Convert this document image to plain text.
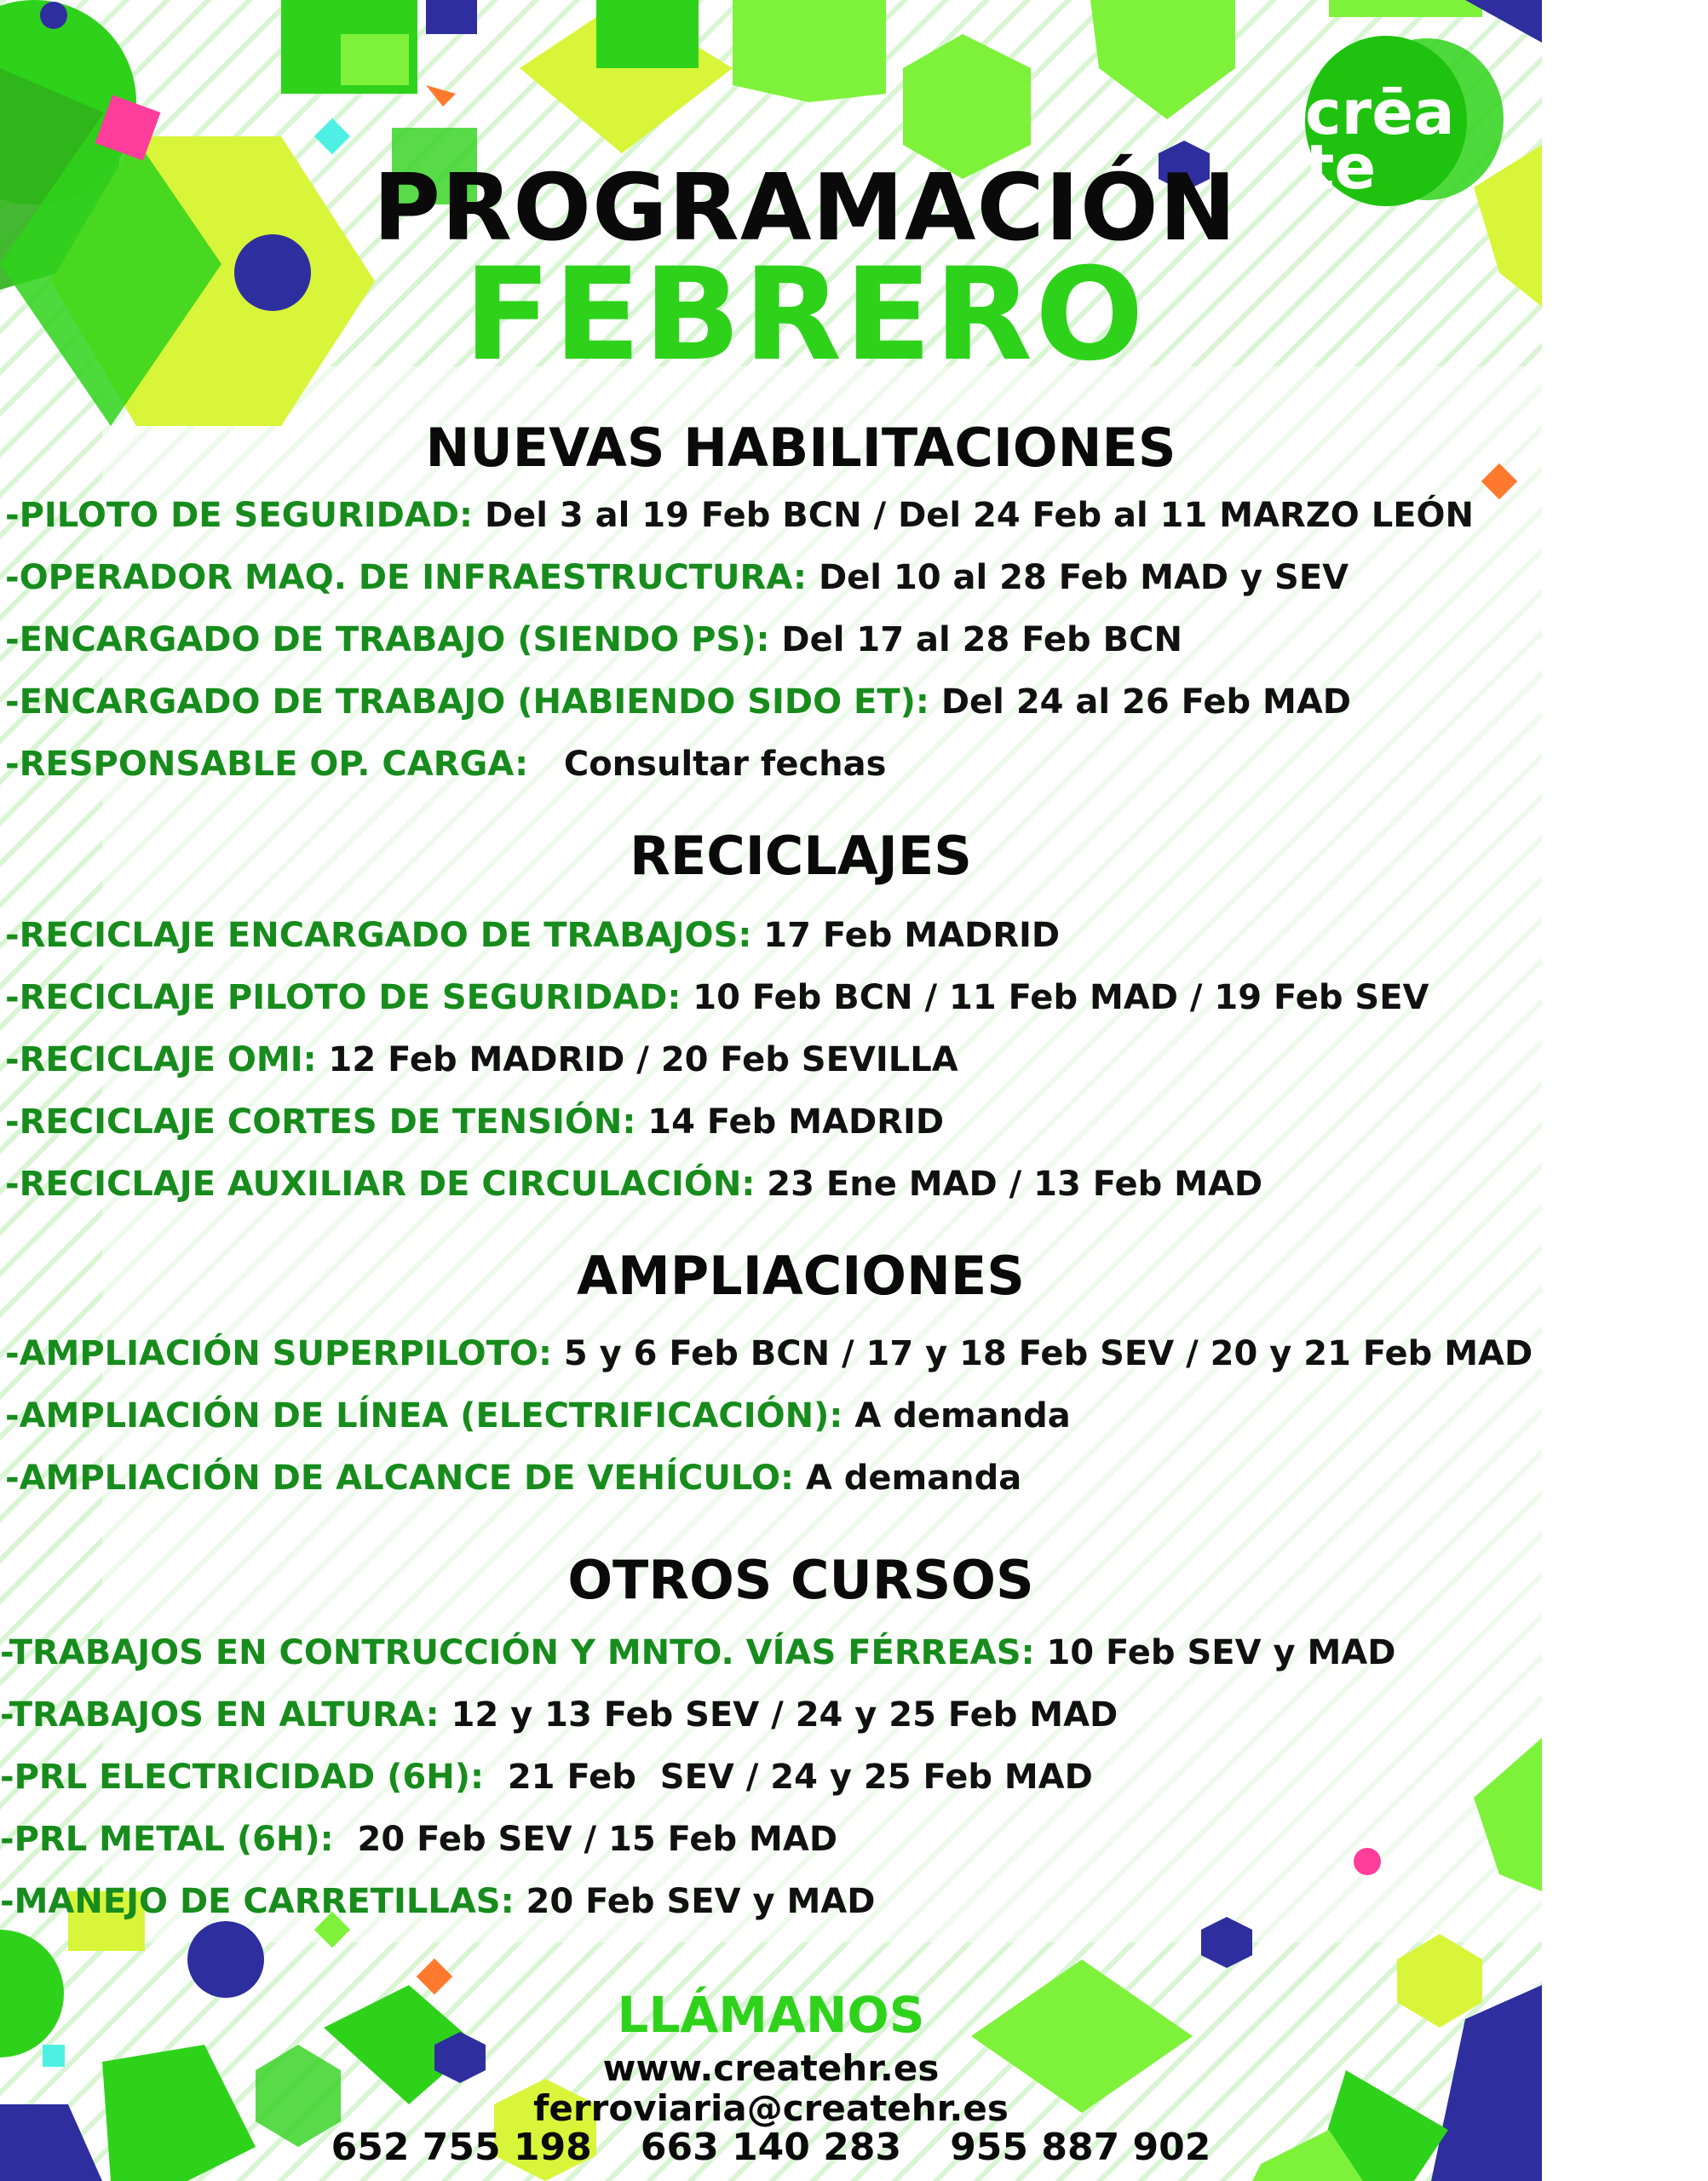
crēa
te
PROGRAMACIÓN
FEBRERO
NUEVAS HABILITACIONES
-PILOTO DE SEGURIDAD: Del 3 al 19 Feb BCN / Del 24 Feb al 11 MARZO LEÓN
-OPERADOR MAQ. DE INFRAESTRUCTURA: Del 10 al 28 Feb MAD y SEV
-ENCARGADO DE TRABAJO (SIENDO PS): Del 17 al 28 Feb BCN
-ENCARGADO DE TRABAJO (HABIENDO SIDO ET): Del 24 al 26 Feb MAD
-RESPONSABLE OP. CARGA:   Consultar fechas
RECICLAJES
-RECICLAJE ENCARGADO DE TRABAJOS: 17 Feb MADRID
-RECICLAJE PILOTO DE SEGURIDAD: 10 Feb BCN / 11 Feb MAD / 19 Feb SEV
-RECICLAJE OMI: 12 Feb MADRID / 20 Feb SEVILLA
-RECICLAJE CORTES DE TENSIÓN: 14 Feb MADRID
-RECICLAJE AUXILIAR DE CIRCULACIÓN: 23 Ene MAD / 13 Feb MAD
AMPLIACIONES
-AMPLIACIÓN SUPERPILOTO: 5 y 6 Feb BCN / 17 y 18 Feb SEV / 20 y 21 Feb MAD
-AMPLIACIÓN DE LÍNEA (ELECTRIFICACIÓN): A demanda
-AMPLIACIÓN DE ALCANCE DE VEHÍCULO: A demanda
OTROS CURSOS
-TRABAJOS EN CONTRUCCIÓN Y MNTO. VÍAS FÉRREAS: 10 Feb SEV y MAD
-TRABAJOS EN ALTURA: 12 y 13 Feb SEV / 24 y 25 Feb MAD
-PRL ELECTRICIDAD (6H):  21 Feb  SEV / 24 y 25 Feb MAD
-PRL METAL (6H):  20 Feb SEV / 15 Feb MAD
-MANEJO DE CARRETILLAS: 20 Feb SEV y MAD
LLÁMANOS
www.createhr.es
ferroviaria@createhr.es
652 755 198 663 140 283 955 887 902
